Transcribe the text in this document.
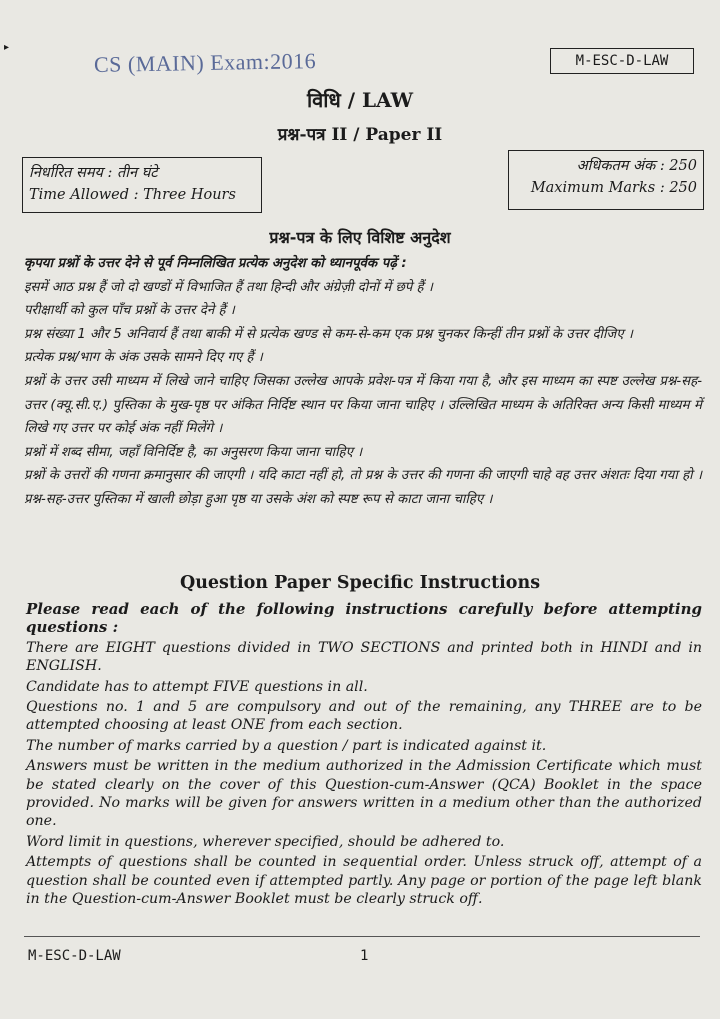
▸
CS (MAIN) Exam:2016	M-ESC-D-LAW
विधि / LAW
प्रश्न-पत्र II / Paper II
निर्धारित समय : तीन घंटे
Time Allowed : Three Hours
अधिकतम अंक : 250
Maximum Marks : 250
प्रश्न-पत्र के लिए विशिष्ट अनुदेश

कृपया प्रश्नों के उत्तर देने से पूर्व निम्नलिखित प्रत्येक अनुदेश को ध्यानपूर्वक पढ़ें :

इसमें आठ प्रश्न हैं जो दो खण्डों में विभाजित हैं तथा हिन्दी और अंग्रेज़ी दोनों में छपे हैं ।

परीक्षार्थी को कुल पाँच प्रश्नों के उत्तर देने हैं ।

प्रश्न संख्या 1 और 5 अनिवार्य हैं तथा बाकी में से प्रत्येक खण्ड से कम-से-कम एक प्रश्न चुनकर किन्हीं तीन प्रश्नों के उत्तर दीजिए ।

प्रत्येक प्रश्न/भाग के अंक उसके सामने दिए गए हैं ।

प्रश्नों के उत्तर उसी माध्यम में लिखे जाने चाहिए जिसका उल्लेख आपके प्रवेश-पत्र में किया गया है, और इस माध्यम का स्पष्ट उल्लेख प्रश्न-सह-उत्तर (क्यू.सी.ए.) पुस्तिका के मुख-पृष्ठ पर अंकित निर्दिष्ट स्थान पर किया जाना चाहिए । उल्लिखित माध्यम के अतिरिक्त अन्य किसी माध्यम में लिखे गए उत्तर पर कोई अंक नहीं मिलेंगे ।

प्रश्नों में शब्द सीमा, जहाँ विनिर्दिष्ट है, का अनुसरण किया जाना चाहिए ।

प्रश्नों के उत्तरों की गणना क्रमानुसार की जाएगी । यदि काटा नहीं हो, तो प्रश्न के उत्तर की गणना की जाएगी चाहे वह उत्तर अंशतः दिया गया हो । प्रश्न-सह-उत्तर पुस्तिका में खाली छोड़ा हुआ पृष्ठ या उसके अंश को स्पष्ट रूप से काटा जाना चाहिए ।

Question Paper Specific Instructions

Please read each of the following instructions carefully before attempting questions :

There are EIGHT questions divided in TWO SECTIONS and printed both in HINDI and in ENGLISH.

Candidate has to attempt FIVE questions in all.

Questions no. 1 and 5 are compulsory and out of the remaining, any THREE are to be attempted choosing at least ONE from each section.

The number of marks carried by a question / part is indicated against it.

Answers must be written in the medium authorized in the Admission Certificate which must be stated clearly on the cover of this Question-cum-Answer (QCA) Booklet in the space provided. No marks will be given for answers written in a medium other than the authorized one.

Word limit in questions, wherever specified, should be adhered to.

Attempts of questions shall be counted in sequential order. Unless struck off, attempt of a question shall be counted even if attempted partly. Any page or portion of the page left blank in the Question-cum-Answer Booklet must be clearly struck off.

M-ESC-D-LAW	1
